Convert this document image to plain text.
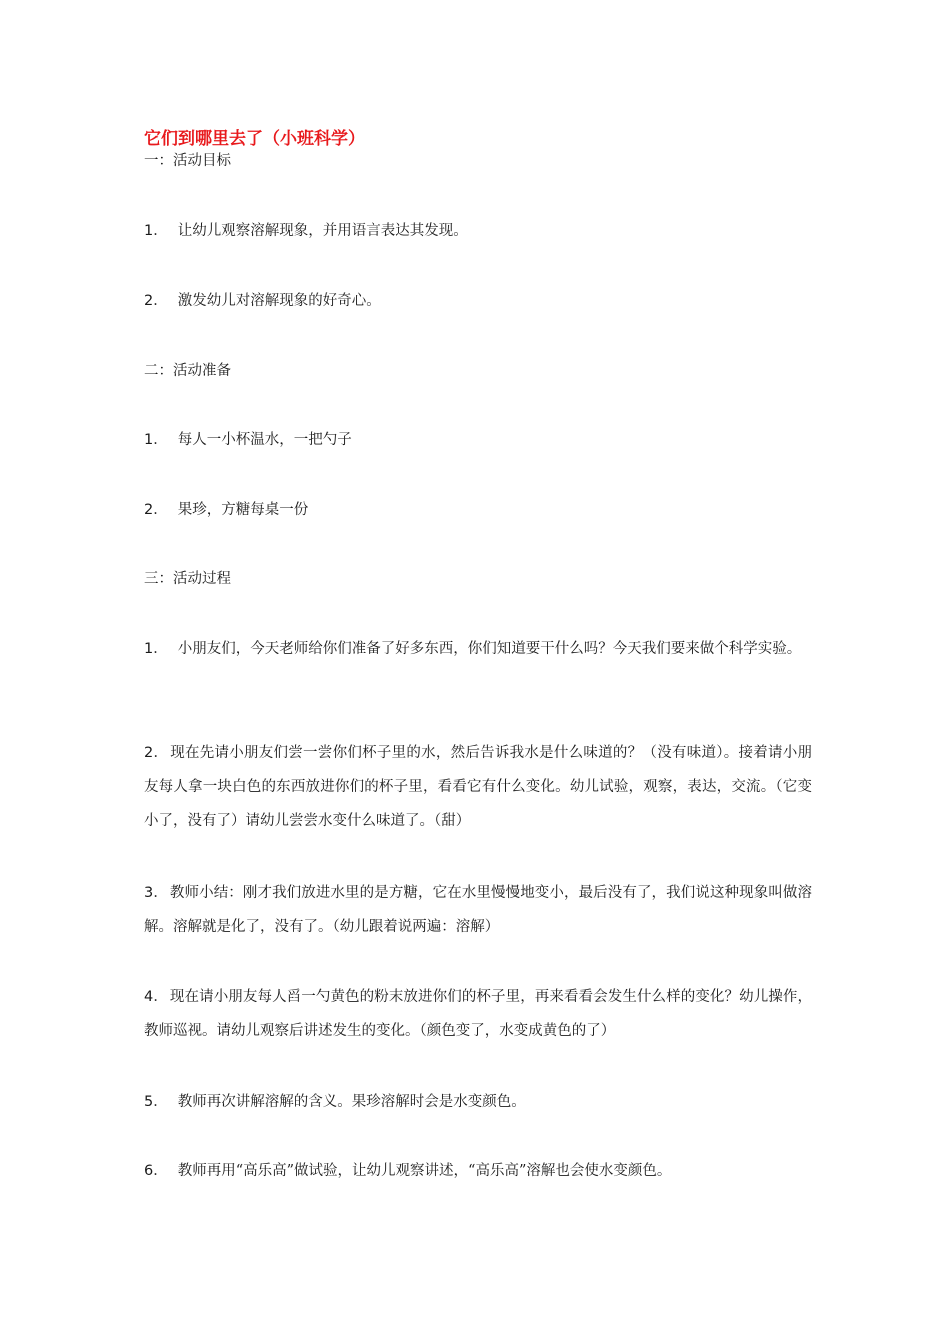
它们到哪里去了（小班科学）

一：活动目标

1． 让幼儿观察溶解现象，并用语言表达其发现。

2． 激发幼儿对溶解现象的好奇心。

二：活动准备

1． 每人一小杯温水，一把勺子

2． 果珍，方糖每桌一份

三：活动过程

1． 小朋友们，今天老师给你们准备了好多东西，你们知道要干什么吗？今天我们要来做个科学实验。

2． 现在先请小朋友们尝一尝你们杯子里的水，然后告诉我水是什么味道的？（没有味道）。接着请小朋友每人拿一块白色的东西放进你们的杯子里，看看它有什么变化。幼儿试验，观察，表达，交流。（它变小了，没有了）请幼儿尝尝水变什么味道了。（甜）

3． 教师小结：刚才我们放进水里的是方糖，它在水里慢慢地变小，最后没有了，我们说这种现象叫做溶解。溶解就是化了，没有了。（幼儿跟着说两遍：溶解）

4． 现在请小朋友每人舀一勺黄色的粉末放进你们的杯子里，再来看看会发生什么样的变化？幼儿操作，教师巡视。请幼儿观察后讲述发生的变化。（颜色变了，水变成黄色的了）

5． 教师再次讲解溶解的含义。果珍溶解时会是水变颜色。

6． 教师再用“高乐高”做试验，让幼儿观察讲述，“高乐高”溶解也会使水变颜色。
